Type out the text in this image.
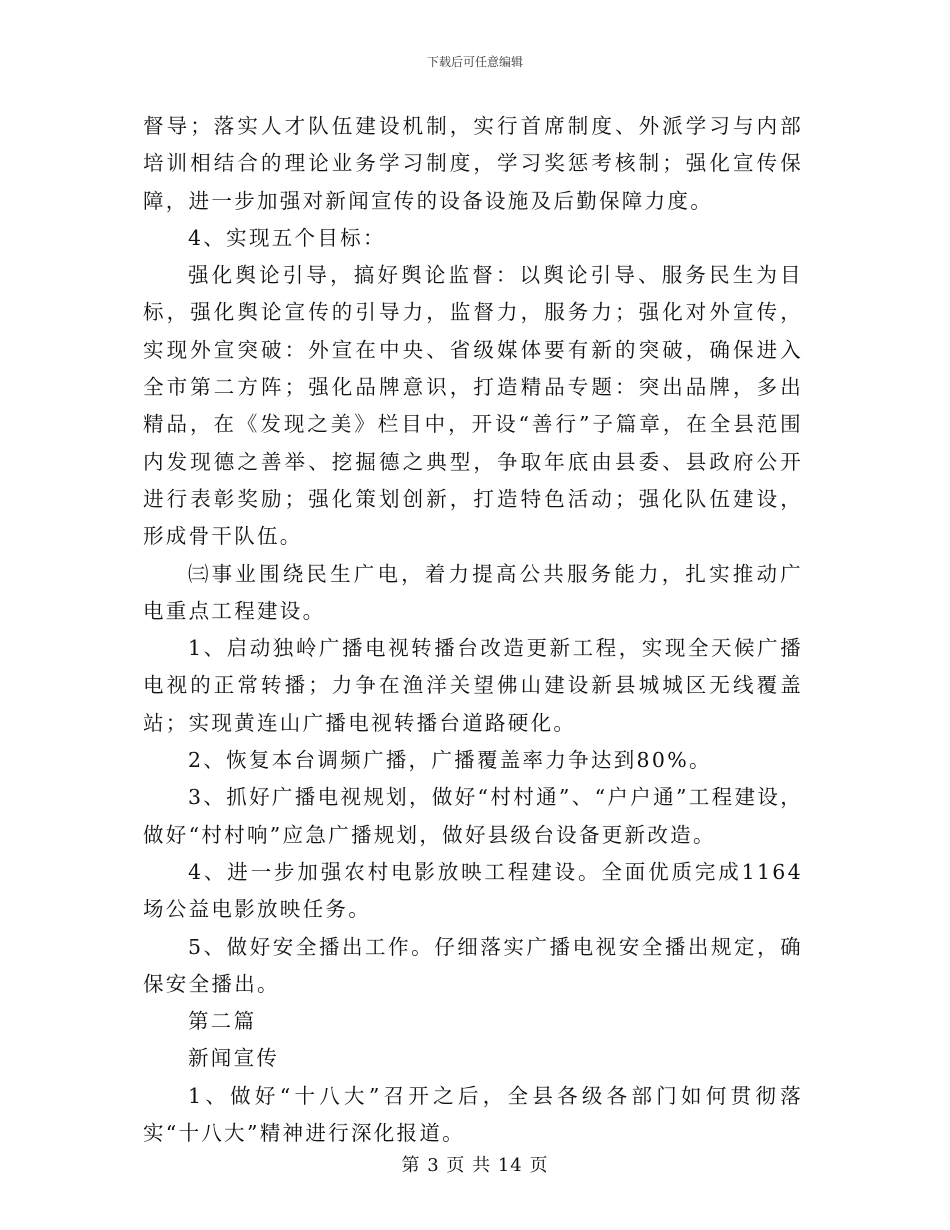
下载后可任意编辑

督导；落实人才队伍建设机制，实行首席制度、外派学习与内部培训相结合的理论业务学习制度，学习奖惩考核制；强化宣传保障，进一步加强对新闻宣传的设备设施及后勤保障力度。

4、实现五个目标：

强化舆论引导，搞好舆论监督：以舆论引导、服务民生为目标，强化舆论宣传的引导力，监督力，服务力；强化对外宣传，实现外宣突破：外宣在中央、省级媒体要有新的突破，确保进入全市第二方阵；强化品牌意识，打造精品专题：突出品牌，多出精品，在《发现之美》栏目中，开设“善行”子篇章，在全县范围内发现德之善举、挖掘德之典型，争取年底由县委、县政府公开进行表彰奖励；强化策划创新，打造特色活动；强化队伍建设，形成骨干队伍。

㈢事业围绕民生广电，着力提高公共服务能力，扎实推动广电重点工程建设。

1、启动独岭广播电视转播台改造更新工程，实现全天候广播电视的正常转播；力争在渔洋关望佛山建设新县城城区无线覆盖站；实现黄连山广播电视转播台道路硬化。

2、恢复本台调频广播，广播覆盖率力争达到80%。

3、抓好广播电视规划，做好“村村通”、“户户通”工程建设，做好“村村响”应急广播规划，做好县级台设备更新改造。

4、进一步加强农村电影放映工程建设。全面优质完成1164场公益电影放映任务。

5、做好安全播出工作。仔细落实广播电视安全播出规定，确保安全播出。

第二篇

新闻宣传

1、做好“十八大”召开之后，全县各级各部门如何贯彻落实“十八大”精神进行深化报道。

第 3 页 共 14 页
